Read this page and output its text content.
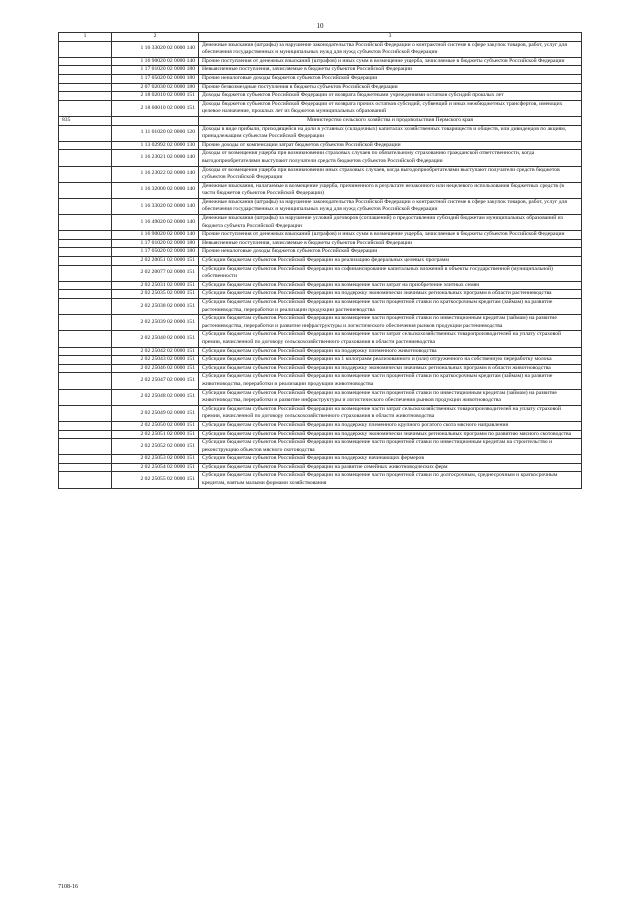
10
1	2	3
	1 16 33020 02 0000 140	Денежные взыскания (штрафы) за нарушение законодательства Российской Федерации о контрактной системе в сфере закупок товаров, работ, услуг для обеспечения государственных и муниципальных нужд для нужд субъектов Российской Федерации
	1 16 90020 02 0000 140	Прочие поступления от денежных взысканий (штрафов) и иных сумм в возмещение ущерба, зачисляемые в бюджеты субъектов Российской Федерации
	1 17 01020 02 0000 180	Невыясненные поступления, зачисляемые в бюджеты субъектов Российской Федерации
	1 17 05020 02 0000 180	Прочие неналоговые доходы бюджетов субъектов Российской Федерации
	2 07 02030 02 0000 180	Прочие безвозмездные поступления в бюджеты субъектов Российской Федерации
	2 18 02010 02 0000 151	Доходы бюджетов субъектов Российской Федерации от возврата бюджетными учреждениями остатков субсидий прошлых лет
	2 18 60010 02 0000 151	Доходы бюджетов субъектов Российской Федерации от возврата прочих остатков субсидий, субвенций и иных межбюджетных трансфертов, имеющих целевое назначение, прошлых лет из бюджетов муниципальных образований
835		Министерство сельского хозяйства и продовольствия Пермского края
	1 11 01020 02 0000 120	Доходы в виде прибыли, приходящейся на доли в уставных (складочных) капиталах хозяйственных товариществ и обществ, или дивидендов по акциям, принадлежащим субъектам Российской Федерации
	1 13 02992 02 0000 130	Прочие доходы от компенсации затрат бюджетов субъектов Российской Федерации
	1 16 23021 02 0000 140	Доходы от возмещения ущерба при возникновении страховых случаев по обязательному страхованию гражданской ответственности, когда выгодоприобретателями выступают получатели средств бюджетов субъектов Российской Федерации
	1 16 23022 02 0000 140	Доходы от возмещения ущерба при возникновении иных страховых случаев, когда выгодоприобретателями выступают получатели средств бюджетов субъектов Российской Федерации
	1 16 32000 02 0000 140	Денежные взыскания, налагаемые в возмещение ущерба, причиненного в результате незаконного или нецелевого использования бюджетных средств (в части бюджетов субъектов Российской Федерации)
	1 16 33020 02 0000 140	Денежные взыскания (штрафы) за нарушение законодательства Российской Федерации о контрактной системе в сфере закупок товаров, работ, услуг для обеспечения государственных и муниципальных нужд для нужд субъектов Российской Федерации
	1 16 49020 02 0000 140	Денежные взыскания (штрафы) за нарушение условий договоров (соглашений) о предоставлении субсидий бюджетам муниципальных образований из бюджета субъекта Российской Федерации
	1 16 90020 02 0000 140	Прочие поступления от денежных взысканий (штрафов) и иных сумм в возмещение ущерба, зачисляемые в бюджеты субъектов Российской Федерации
	1 17 01020 02 0000 180	Невыясненные поступления, зачисляемые в бюджеты субъектов Российской Федерации
	1 17 05020 02 0000 180	Прочие неналоговые доходы бюджетов субъектов Российской Федерации
	2 02 20051 02 0000 151	Субсидии бюджетам субъектов Российской Федерации на реализацию федеральных целевых программ
	2 02 20077 02 0000 151	Субсидии бюджетам субъектов Российской Федерации на софинансирование капитальных вложений в объекты государственной (муниципальной) собственности
	2 02 25031 02 0000 151	Субсидии бюджетам субъектов Российской Федерации на возмещение части затрат на приобретение элитных семян
	2 02 25035 02 0000 151	Субсидии бюджетам субъектов Российской Федерации на поддержку экономически значимых региональных программ в области растениеводства
	2 02 25038 02 0000 151	Субсидии бюджетам субъектов Российской Федерации на возмещение части процентной ставки по краткосрочным кредитам (займам) на развитие растениеводства, переработки и реализации продукции растениеводства
	2 02 25039 02 0000 151	Субсидии бюджетам субъектов Российской Федерации на возмещение части процентной ставки по инвестиционным кредитам (займам) на развитие растениеводства, переработки и развитие инфраструктуры и логистического обеспечения рынков продукции растениеводства
	2 02 25040 02 0000 151	Субсидии бюджетам субъектов Российской Федерации на возмещение части затрат сельскохозяйственных товаропроизводителей на уплату страховой премии, начисленной по договору сельскохозяйственного страхования в области растениеводства
	2 02 25042 02 0000 151	Субсидии бюджетам субъектов Российской Федерации на поддержку племенного животноводства
	2 02 25043 02 0000 151	Субсидии бюджетам субъектов Российской Федерации на 1 килограмм реализованного и (или) отгруженного на собственную переработку молока
	2 02 25046 02 0000 151	Субсидии бюджетам субъектов Российской Федерации на поддержку экономически значимых региональных программ в области животноводства
	2 02 25047 02 0000 151	Субсидии бюджетам субъектов Российской Федерации на возмещение части процентной ставки по краткосрочным кредитам (займам) на развитие животноводства, переработки и реализации продукции животноводства
	2 02 25048 02 0000 151	Субсидии бюджетам субъектов Российской Федерации на возмещение части процентной ставки по инвестиционным кредитам (займам) на развитие животноводства, переработки и развитие инфраструктуры и логистического обеспечения рынков продукции животноводства
	2 02 25049 02 0000 151	Субсидии бюджетам субъектов Российской Федерации на возмещение части затрат сельскохозяйственных товаропроизводителей на уплату страховой премии, начисленной по договору сельскохозяйственного страхования в области животноводства
	2 02 25050 02 0000 151	Субсидии бюджетам субъектов Российской Федерации на поддержку племенного крупного рогатого скота мясного направления
	2 02 25051 02 0000 151	Субсидии бюджетам субъектов Российской Федерации на поддержку экономически значимых региональных программ по развитию мясного скотоводства
	2 02 25052 02 0000 151	Субсидии бюджетам субъектов Российской Федерации на возмещение части процентной ставки по инвестиционным кредитам на строительство и реконструкцию объектов мясного скотоводства
	2 02 25053 02 0000 151	Субсидии бюджетам субъектов Российской Федерации на поддержку начинающих фермеров
	2 02 25054 02 0000 151	Субсидии бюджетам субъектов Российской Федерации на развитие семейных животноводческих ферм
	2 02 25055 02 0000 151	Субсидии бюджетам субъектов Российской Федерации на возмещение части процентной ставки по долгосрочным, среднесрочным и краткосрочным кредитам, взятым малыми формами хозяйствования
7108-16
